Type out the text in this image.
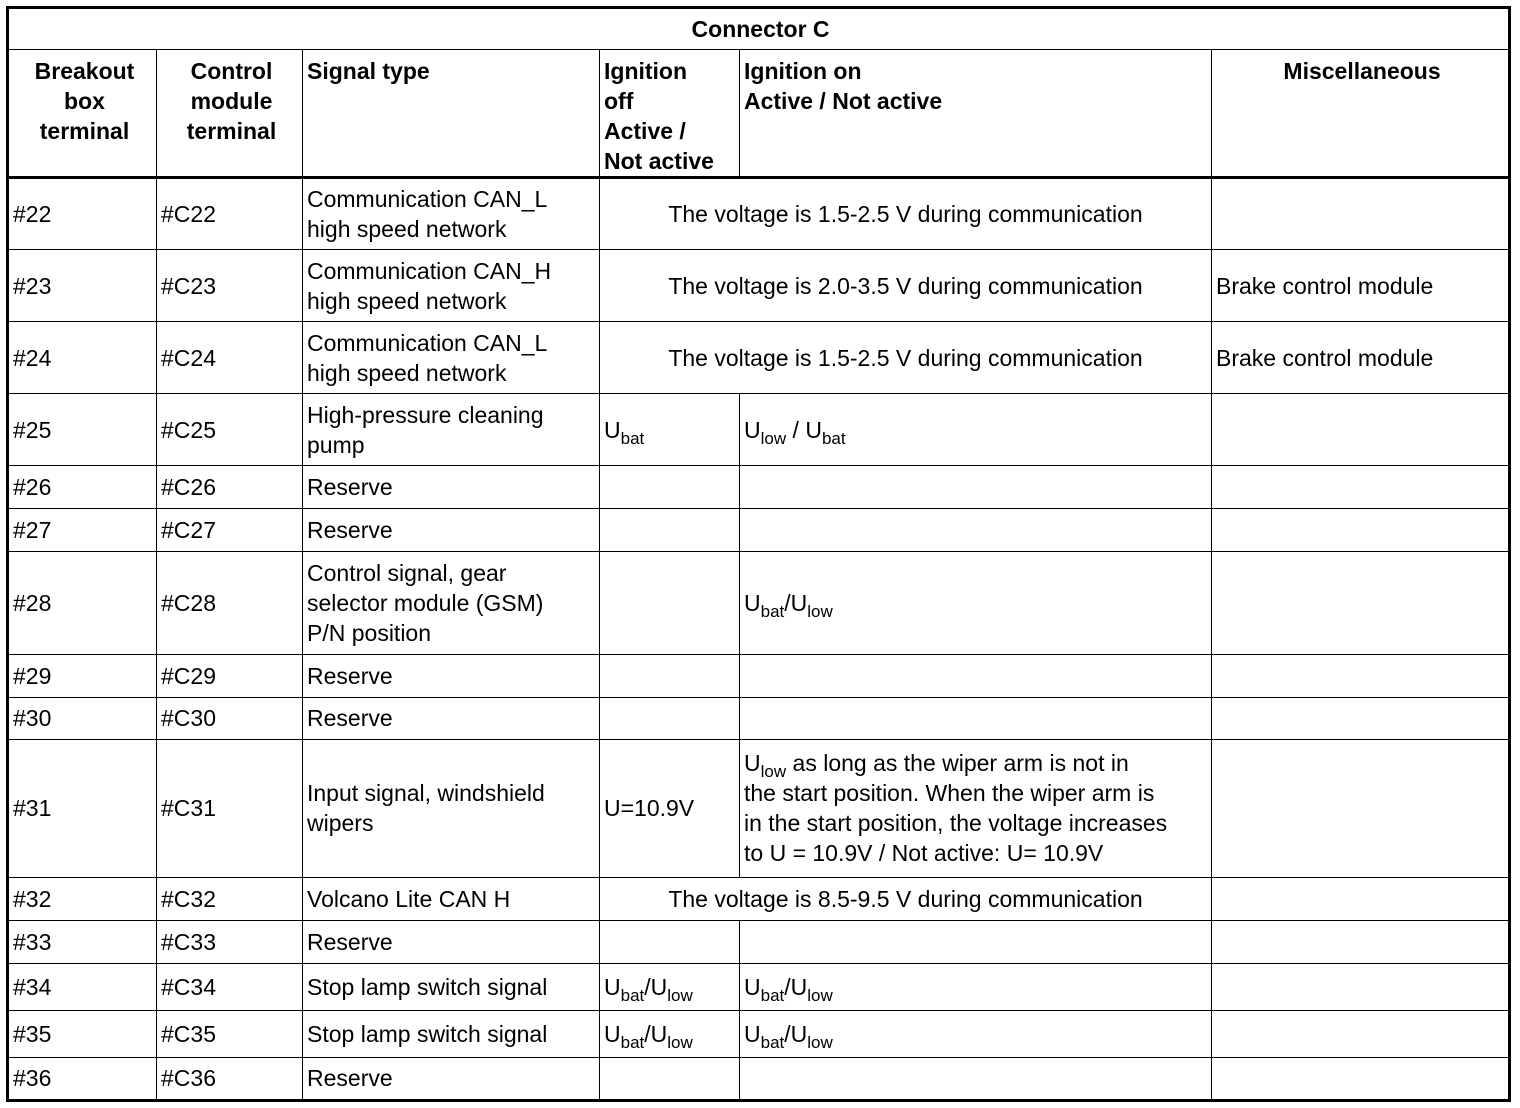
Connector C					
Breakout
box
terminal	Control
module
terminal	Signal type	Ignition
off
Active /
Not active	Ignition on
Active / Not active	Miscellaneous
#22	#C22	Communication CAN_L
high speed network	The voltage is 1.5-2.5 V during communication		
#23	#C23	Communication CAN_H
high speed network	The voltage is 2.0-3.5 V during communication		Brake control module
#24	#C24	Communication CAN_L
high speed network	The voltage is 1.5-2.5 V during communication		Brake control module
#25	#C25	High-pressure cleaning
pump	$U_{bat}$	$U_{low} / U_{bat}$	
#26	#C26	Reserve			
#27	#C27	Reserve			
#28	#C28	Control signal, gear
selector module (GSM)
P/N position		$U_{bat}/U_{low}$	
#29	#C29	Reserve			
#30	#C30	Reserve			
#31	#C31	Input signal, windshield
wipers	U=10.9V	$U_{low}$ as long as the wiper arm is not in
the start position. When the wiper arm is
in the start position, the voltage increases
to U = 10.9V / Not active: U= 10.9V	
#32	#C32	Volcano Lite CAN H	The voltage is 8.5-9.5 V during communication		
#33	#C33	Reserve			
#34	#C34	Stop lamp switch signal	$U_{bat}/U_{low}$	$U_{bat}/U_{low}$	
#35	#C35	Stop lamp switch signal	$U_{bat}/U_{low}$	$U_{bat}/U_{low}$	
#36	#C36	Reserve			
